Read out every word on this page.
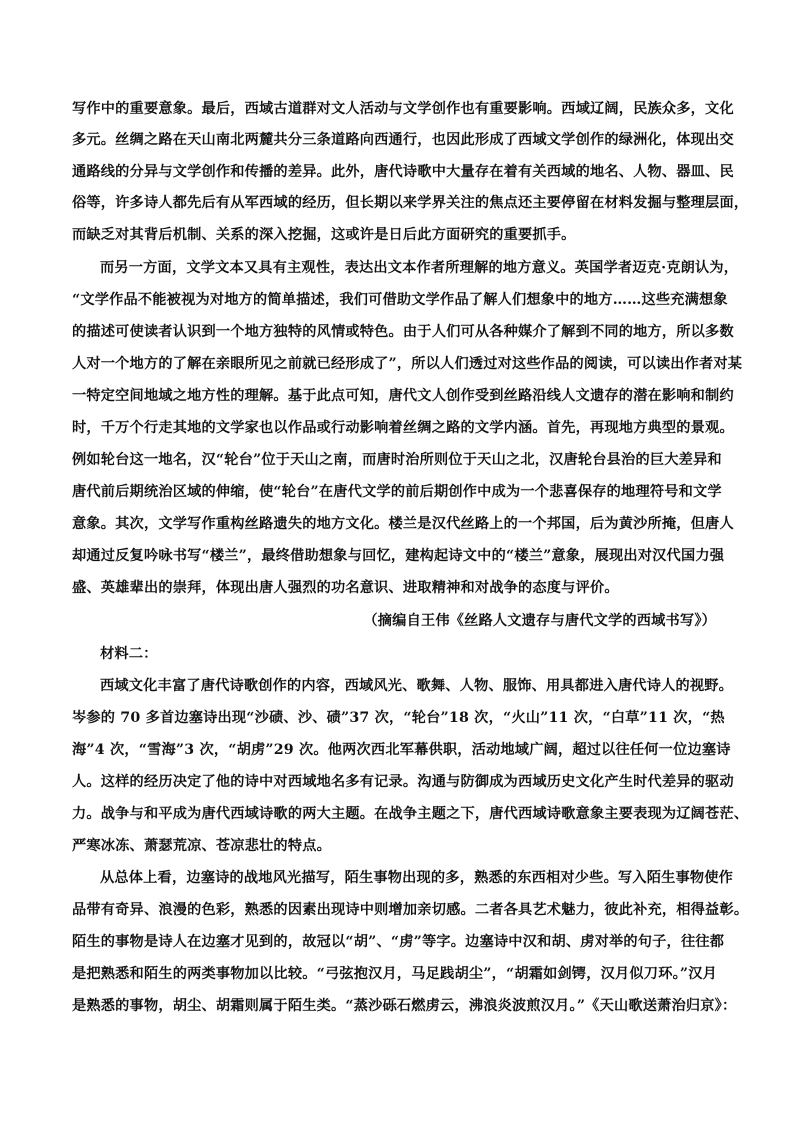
写作中的重要意象。最后，西域古道群对文人活动与文学创作也有重要影响。西域辽阔，民族众多，文化
多元。丝绸之路在天山南北两麓共分三条道路向西通行，也因此形成了西域文学创作的绿洲化，体现出交
通路线的分异与文学创作和传播的差异。此外，唐代诗歌中大量存在着有关西域的地名、人物、器皿、民
俗等，许多诗人都先后有从军西域的经历，但长期以来学界关注的焦点还主要停留在材料发掘与整理层面，
而缺乏对其背后机制、关系的深入挖掘，这或许是日后此方面研究的重要抓手。
而另一方面，文学文本又具有主观性，表达出文本作者所理解的地方意义。英国学者迈克·克朗认为，
“文学作品不能被视为对地方的简单描述，我们可借助文学作品了解人们想象中的地方……这些充满想象
的描述可使读者认识到一个地方独特的风情或特色。由于人们可从各种媒介了解到不同的地方，所以多数
人对一个地方的了解在亲眼所见之前就已经形成了”，所以人们透过对这些作品的阅读，可以读出作者对某
一特定空间地域之地方性的理解。基于此点可知，唐代文人创作受到丝路沿线人文遗存的潜在影响和制约
时，千万个行走其地的文学家也以作品或行动影响着丝绸之路的文学内涵。首先，再现地方典型的景观。
例如轮台这一地名，汉“轮台”位于天山之南，而唐时治所则位于天山之北，汉唐轮台县治的巨大差异和
唐代前后期统治区域的伸缩，使“轮台”在唐代文学的前后期创作中成为一个悲喜保存的地理符号和文学
意象。其次，文学写作重构丝路遗失的地方文化。楼兰是汉代丝路上的一个邦国，后为黄沙所掩，但唐人
却通过反复吟咏书写“楼兰”，最终借助想象与回忆，建构起诗文中的“楼兰”意象，展现出对汉代国力强
盛、英雄辈出的崇拜，体现出唐人强烈的功名意识、进取精神和对战争的态度与评价。
（摘编自王伟《丝路人文遗存与唐代文学的西域书写》）
材料二：
西域文化丰富了唐代诗歌创作的内容，西域风光、歌舞、人物、服饰、用具都进入唐代诗人的视野。
岑参的 70 多首边塞诗出现“沙碛、沙、碛”37 次，“轮台”18 次，“火山”11 次，“白草”11 次，“热
海”4 次，“雪海”3 次，“胡虏”29 次。他两次西北军幕供职，活动地域广阔，超过以往任何一位边塞诗
人。这样的经历决定了他的诗中对西域地名多有记录。沟通与防御成为西域历史文化产生时代差异的驱动
力。战争与和平成为唐代西域诗歌的两大主题。在战争主题之下，唐代西域诗歌意象主要表现为辽阔苍茫、
严寒冰冻、萧瑟荒凉、苍凉悲壮的特点。
从总体上看，边塞诗的战地风光描写，陌生事物出现的多，熟悉的东西相对少些。写入陌生事物使作
品带有奇异、浪漫的色彩，熟悉的因素出现诗中则增加亲切感。二者各具艺术魅力，彼此补充，相得益彰。
陌生的事物是诗人在边塞才见到的，故冠以“胡”、“虏”等字。边塞诗中汉和胡、虏对举的句子，往往都
是把熟悉和陌生的两类事物加以比较。“弓弦抱汉月，马足践胡尘”，“胡霜如剑锷，汉月似刀环。”汉月
是熟悉的事物，胡尘、胡霜则属于陌生类。“蒸沙砾石燃虏云，沸浪炎波煎汉月。”《天山歌送萧治归京》：
